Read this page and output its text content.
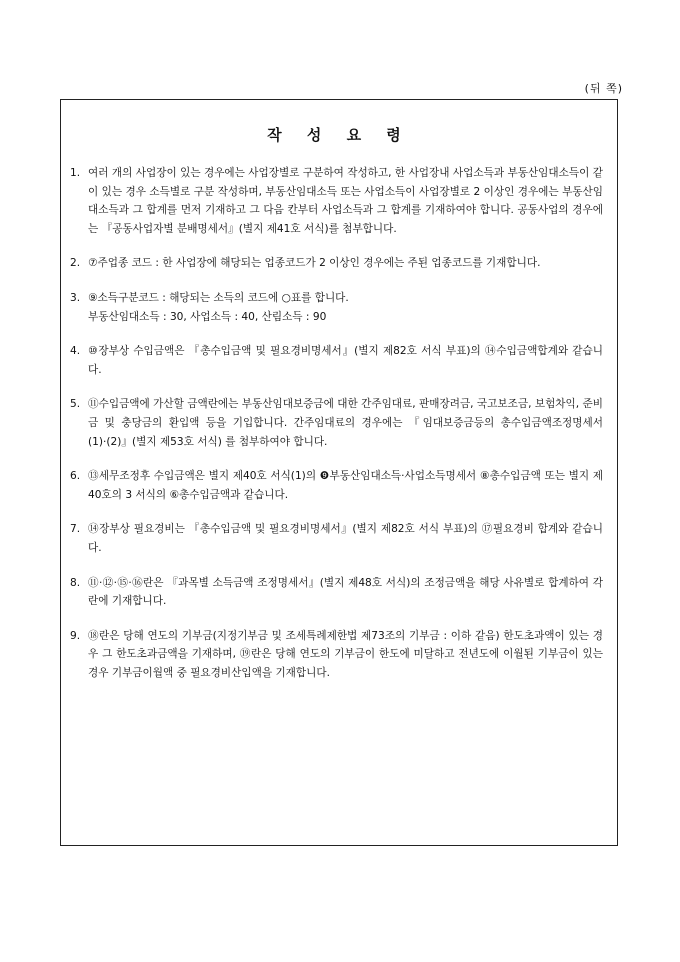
(뒤 쪽)
작 성 요 령
1. 여러 개의 사업장이 있는 경우에는 사업장별로 구분하여 작성하고, 한 사업장내 사업소득과 부동산임대소득이 같이 있는 경우 소득별로 구분 작성하며, 부동산임대소득 또는 사업소득이 사업장별로 2 이상인 경우에는 부동산임대소득과 그 합계를 먼저 기재하고 그 다음 칸부터 사업소득과 그 합계를 기재하여야 합니다. 공동사업의 경우에는 『공동사업자별 분배명세서』(별지 제41호 서식)를 첨부합니다.
2. ⑦주업종 코드 : 한 사업장에 해당되는 업종코드가 2 이상인 경우에는 주된 업종코드를 기재합니다.
3. ⑨소득구분코드 : 해당되는 소득의 코드에 ○표를 합니다.
부동산임대소득 : 30, 사업소득 : 40, 산림소득 : 90
4. ⑩장부상 수입금액은 『총수입금액 및 필요경비명세서』(별지 제82호 서식 부표)의 ⑭수입금액합계와 같습니다.
5. ⑪수입금액에 가산할 금액란에는 부동산임대보증금에 대한 간주임대료, 판매장려금, 국고보조금, 보험차익, 준비금 및 충당금의 환입액 등을 기입합니다. 간주임대료의 경우에는 『임대보증금등의 총수입금액조정명세서(1)·(2)』(별지 제53호 서식) 를 첨부하여야 합니다.
6. ⑬세무조정후 수입금액은 별지 제40호 서식(1)의 ❾부동산임대소득·사업소득명세서 ⑧총수입금액 또는 별지 제40호의 3 서식의 ⑥총수입금액과 같습니다.
7. ⑭장부상 필요경비는 『총수입금액 및 필요경비명세서』(별지 제82호 서식 부표)의 ⑰필요경비 합계와 같습니다.
8. ⑪·⑫·⑮·⑯란은 『과목별 소득금액 조정명세서』(별지 제48호 서식)의 조정금액을 해당 사유별로 합계하여 각 란에 기재합니다.
9. ⑱란은 당해 연도의 기부금(지정기부금 및 조세특례제한법 제73조의 기부금 : 이하 같음) 한도초과액이 있는 경우 그 한도초과금액을 기재하며, ⑲란은 당해 연도의 기부금이 한도에 미달하고 전년도에 이월된 기부금이 있는 경우 기부금이월액 중 필요경비산입액을 기재합니다.
